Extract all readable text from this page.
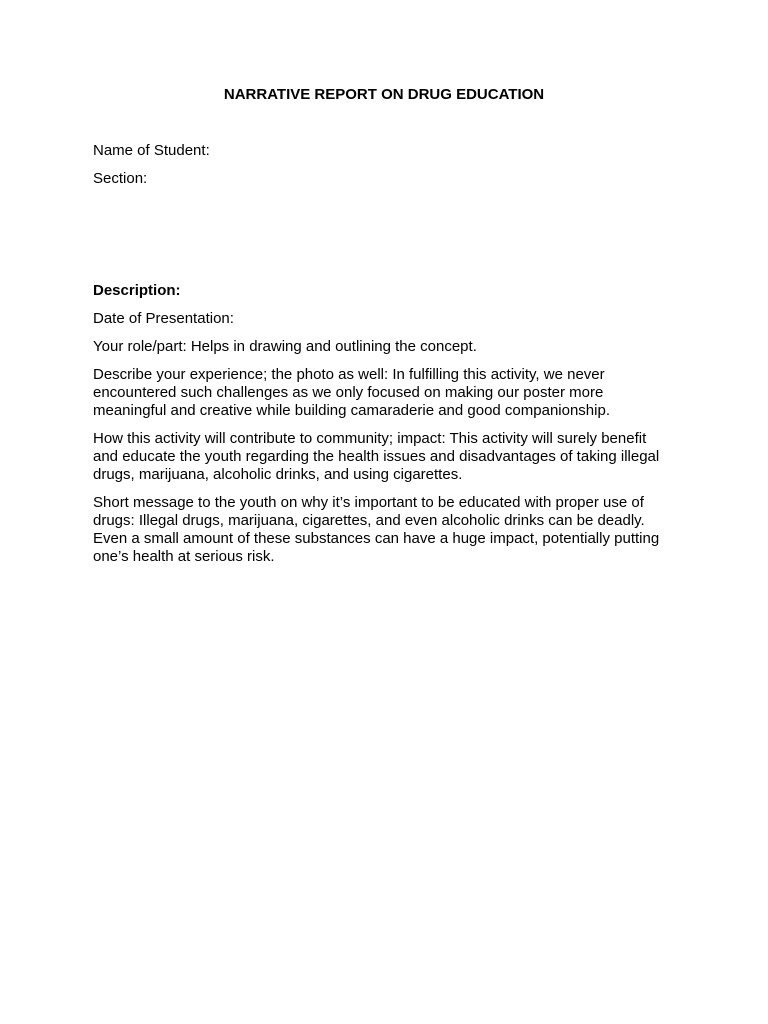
NARRATIVE REPORT ON DRUG EDUCATION
Name of Student:
Section:
Description:
Date of Presentation:
Your role/part: Helps in drawing and outlining the concept.
Describe your experience; the photo as well: In fulfilling this activity, we never encountered such challenges as we only focused on making our poster more meaningful and creative while building camaraderie and good companionship.
How this activity will contribute to community; impact: This activity will surely benefit and educate the youth regarding the health issues and disadvantages of taking illegal drugs, marijuana, alcoholic drinks, and using cigarettes.
Short message to the youth on why it’s important to be educated with proper use of drugs: Illegal drugs, marijuana, cigarettes, and even alcoholic drinks can be deadly. Even a small amount of these substances can have a huge impact, potentially putting one’s health at serious risk.
